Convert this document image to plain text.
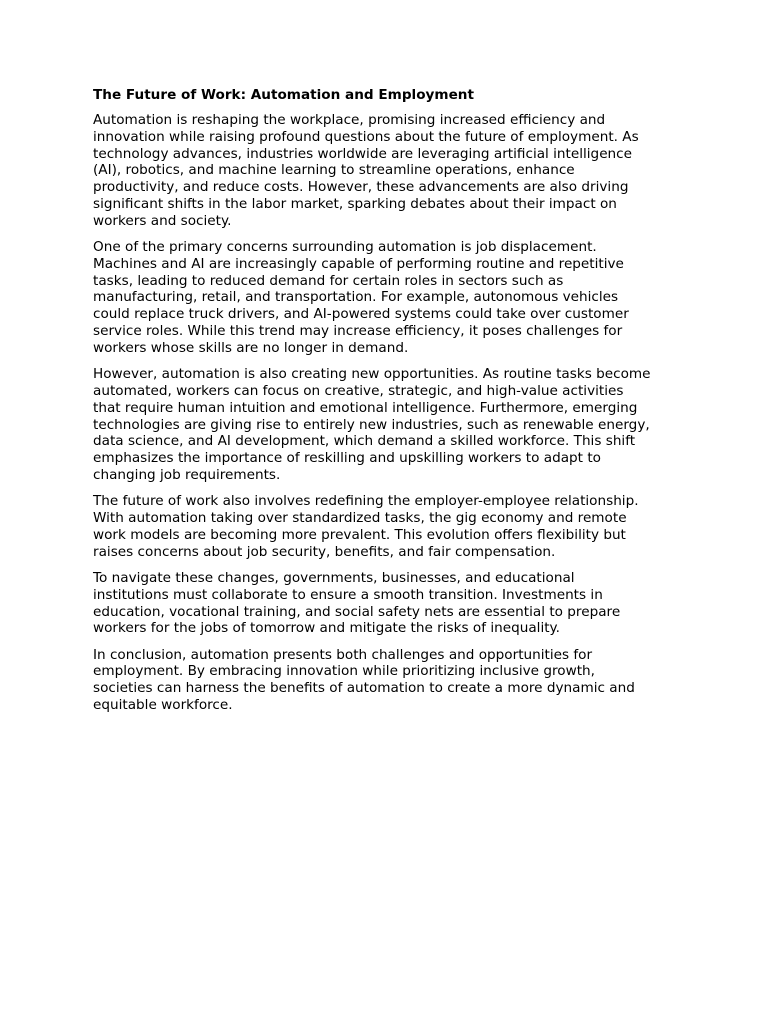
The Future of Work: Automation and Employment

Automation is reshaping the workplace, promising increased efficiency and
innovation while raising profound questions about the future of employment. As
technology advances, industries worldwide are leveraging artificial intelligence
(AI), robotics, and machine learning to streamline operations, enhance
productivity, and reduce costs. However, these advancements are also driving
significant shifts in the labor market, sparking debates about their impact on
workers and society.

One of the primary concerns surrounding automation is job displacement.
Machines and AI are increasingly capable of performing routine and repetitive
tasks, leading to reduced demand for certain roles in sectors such as
manufacturing, retail, and transportation. For example, autonomous vehicles
could replace truck drivers, and AI-powered systems could take over customer
service roles. While this trend may increase efficiency, it poses challenges for
workers whose skills are no longer in demand.

However, automation is also creating new opportunities. As routine tasks become
automated, workers can focus on creative, strategic, and high-value activities
that require human intuition and emotional intelligence. Furthermore, emerging
technologies are giving rise to entirely new industries, such as renewable energy,
data science, and AI development, which demand a skilled workforce. This shift
emphasizes the importance of reskilling and upskilling workers to adapt to
changing job requirements.

The future of work also involves redefining the employer-employee relationship.
With automation taking over standardized tasks, the gig economy and remote
work models are becoming more prevalent. This evolution offers flexibility but
raises concerns about job security, benefits, and fair compensation.

To navigate these changes, governments, businesses, and educational
institutions must collaborate to ensure a smooth transition. Investments in
education, vocational training, and social safety nets are essential to prepare
workers for the jobs of tomorrow and mitigate the risks of inequality.

In conclusion, automation presents both challenges and opportunities for
employment. By embracing innovation while prioritizing inclusive growth,
societies can harness the benefits of automation to create a more dynamic and
equitable workforce.
